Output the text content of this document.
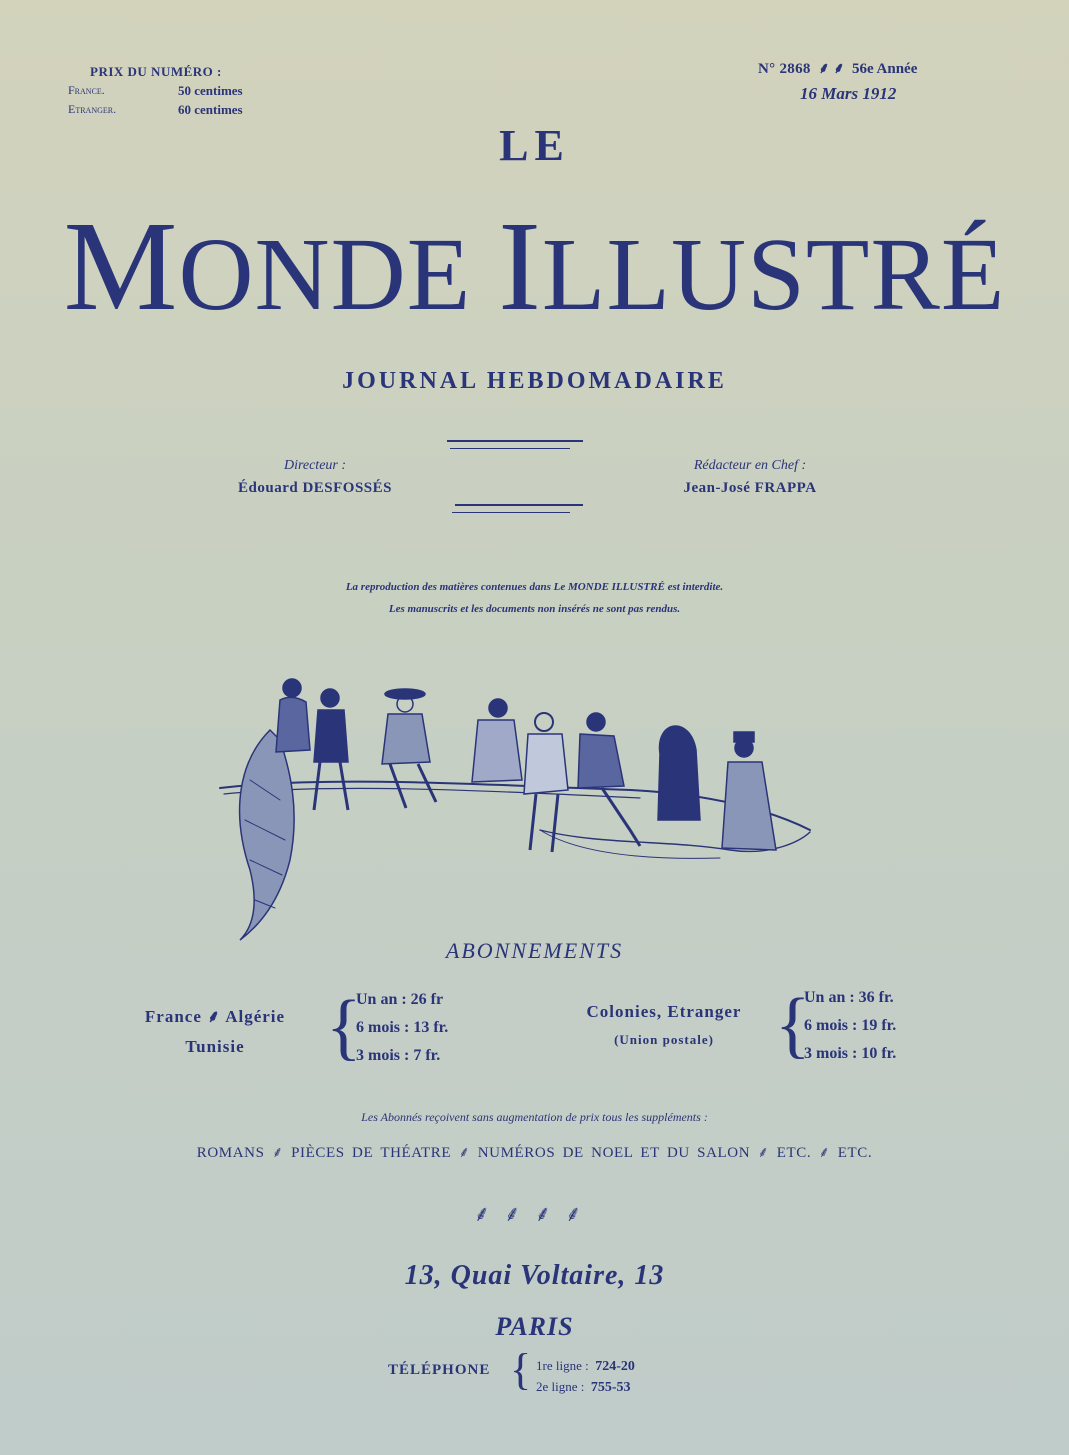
PRIX DU NUMÉRO :
France.	50 centimes
Etranger.	60 centimes
N° 2868  ⸙ ⸙  56e Année
16 Mars 1912
LE
MONDE ILLUSTRÉ
JOURNAL HEBDOMADAIRE
Directeur :
Édouard DESFOSSÉS
Rédacteur en Chef :
Jean-José FRAPPA
La reproduction des matières contenues dans Le MONDE ILLUSTRÉ est interdite.
Les manuscrits et les documents non insérés ne sont pas rendus.
ABONNEMENTS
France ⸙ Algérie
Tunisie	{
Un an : 26 fr
6 mois : 13 fr.
3 mois : 7 fr.
Colonies, Etranger
(Union postale) {
Un an : 36 fr.
6 mois : 19 fr.
3 mois : 10 fr.
Les Abonnés reçoivent sans augmentation de prix tous les suppléments :
ROMANS ⸙ PIÈCES DE THÉATRE ⸙ NUMÉROS DE NOEL ET DU SALON ⸙ ETC. ⸙ ETC.
⸙⸙⸙⸙
13, Quai Voltaire, 13
PARIS
TÉLÉPHONE { 1re ligne : 724-20
2e ligne : 755-53
